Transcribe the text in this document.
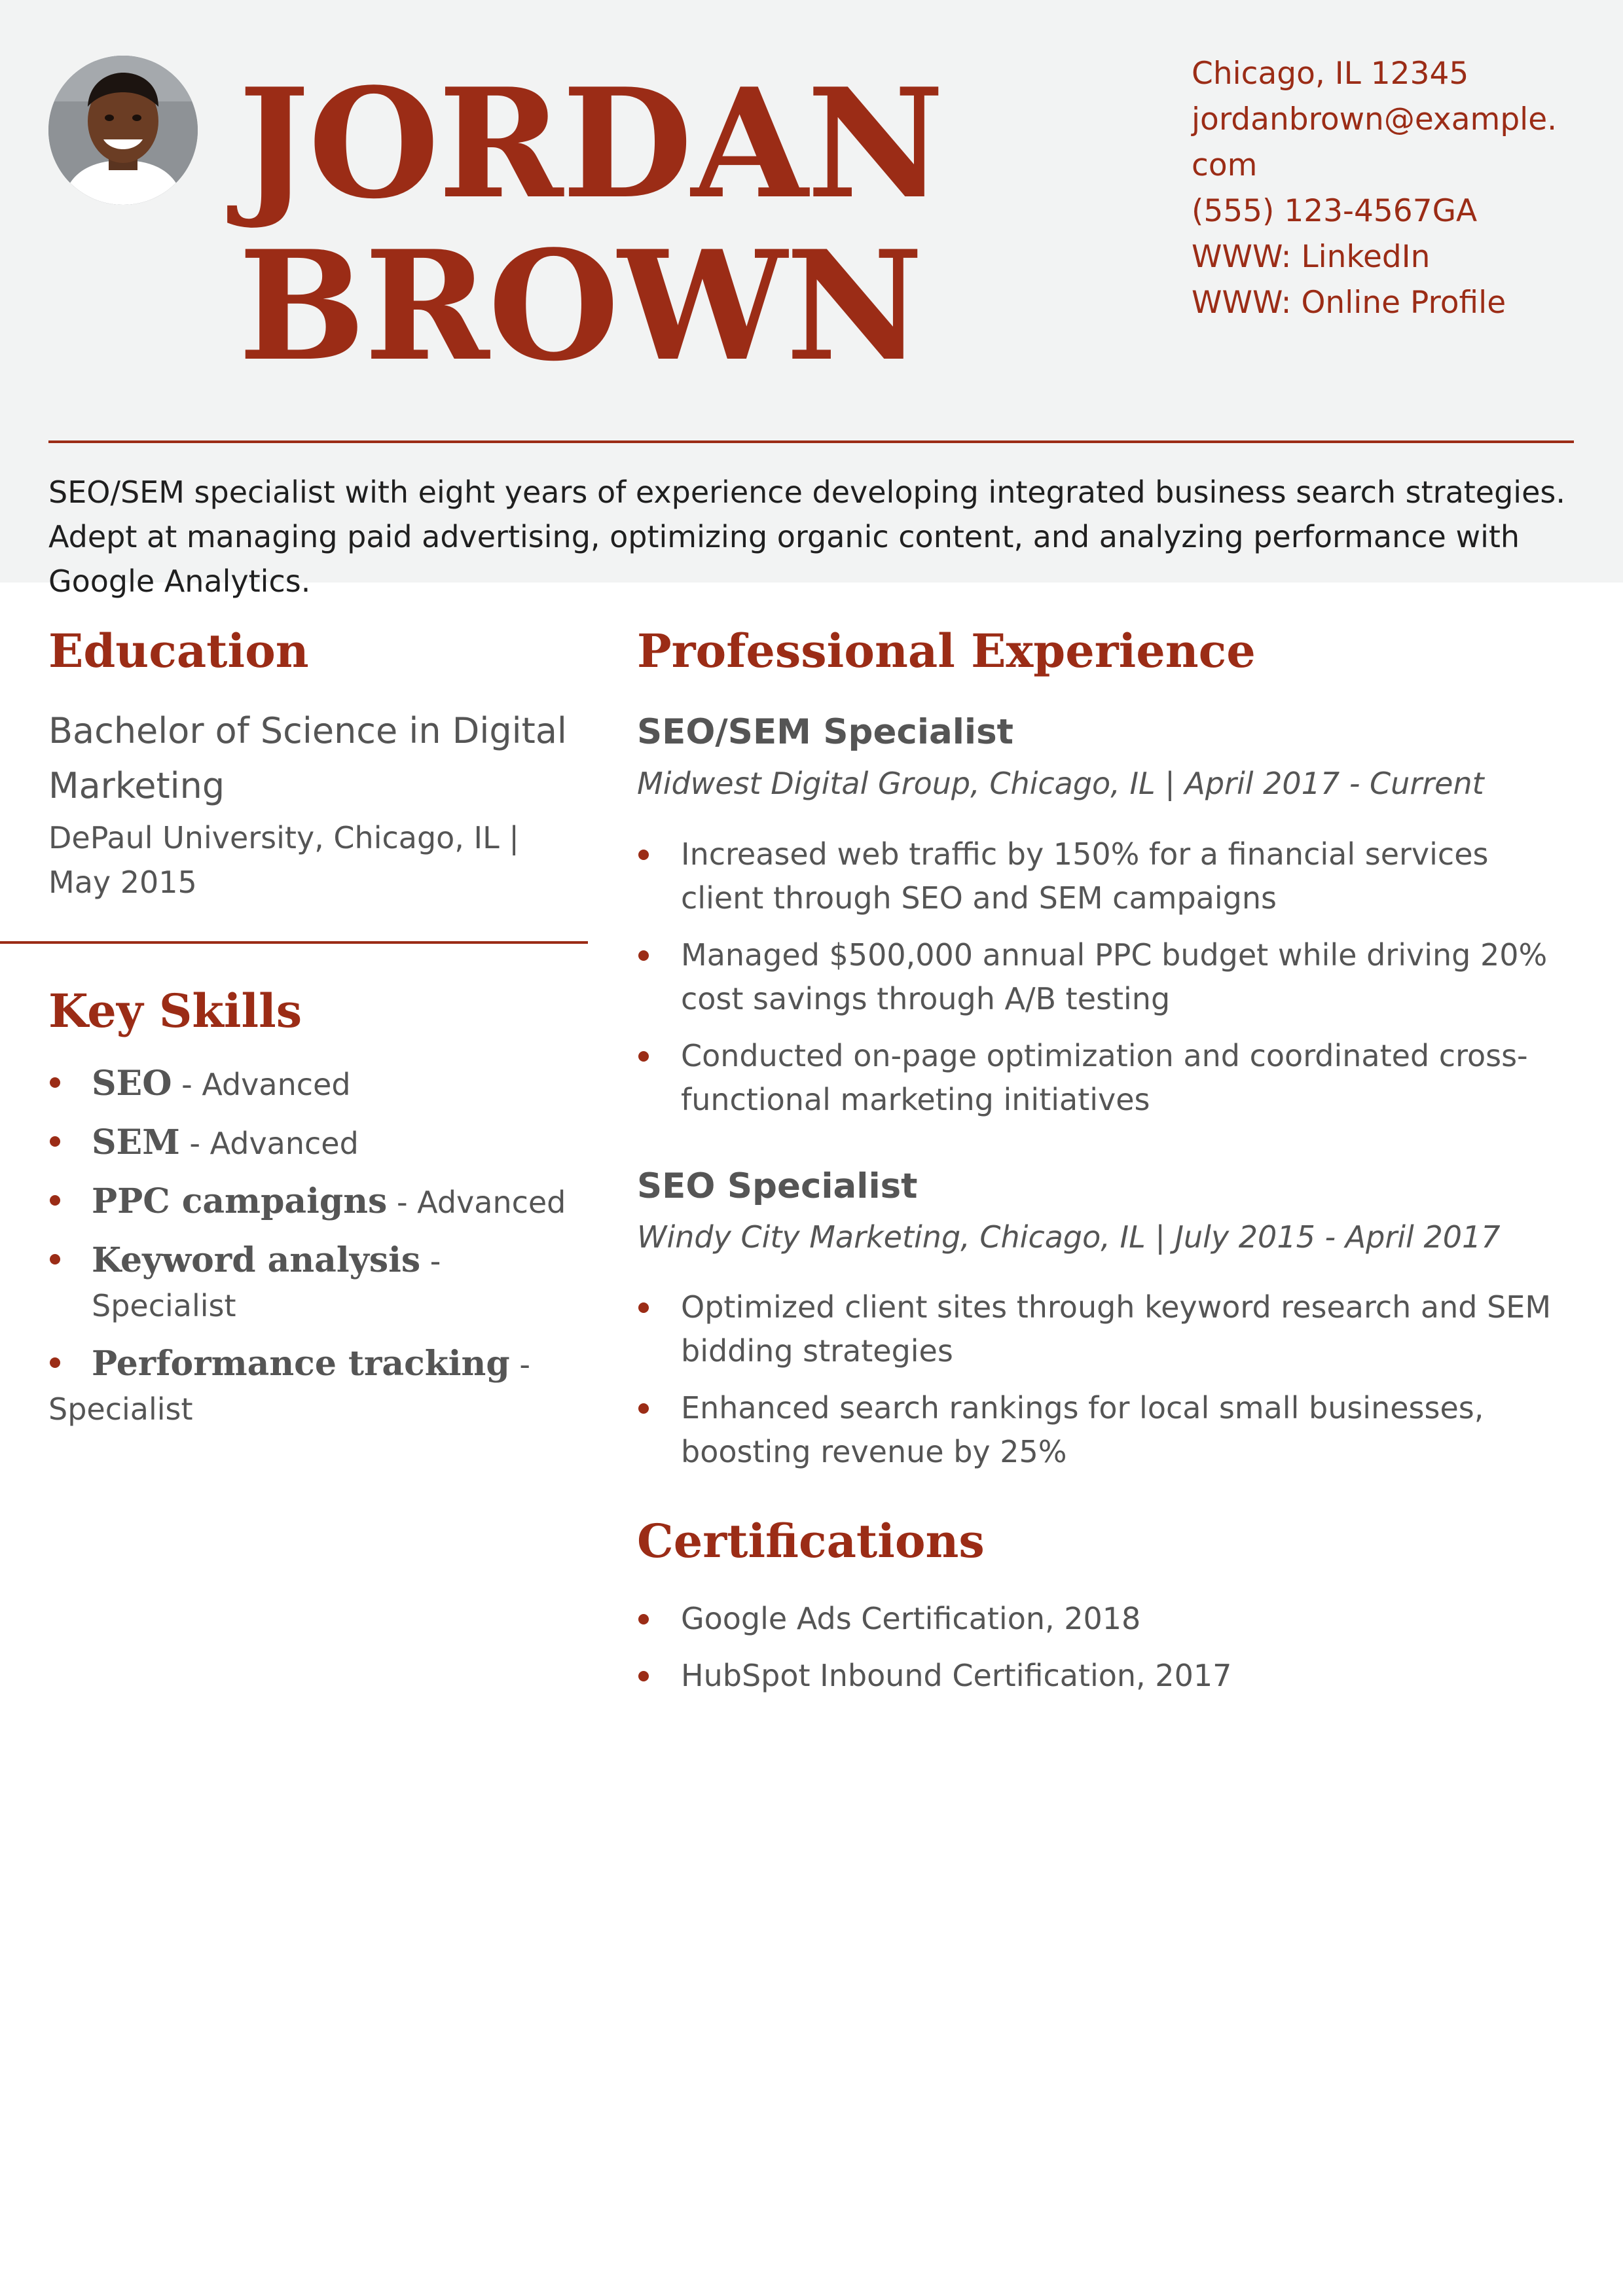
JORDAN
BROWN
Chicago, IL 12345
jordanbrown@example.com
(555) 123-4567GA
WWW: LinkedIn
WWW: Online Profile
SEO/SEM specialist with eight years of experience developing integrated business search strategies. Adept at managing paid advertising, optimizing organic content, and analyzing performance with Google Analytics.
Education
Bachelor of Science in Digital Marketing
DePaul University, Chicago, IL | May 2015
Key Skills
SEO - Advanced
SEM - Advanced
PPC campaigns - Advanced
Keyword analysis - Specialist
Performance tracking - Specialist
Professional Experience
SEO/SEM Specialist
Midwest Digital Group, Chicago, IL | April 2017 - Current
Increased web traffic by 150% for a financial services client through SEO and SEM campaigns
Managed $500,000 annual PPC budget while driving 20% cost savings through A/B testing
Conducted on-page optimization and coordinated cross-functional marketing initiatives
SEO Specialist
Windy City Marketing, Chicago, IL | July 2015 - April 2017
Optimized client sites through keyword research and SEM bidding strategies
Enhanced search rankings for local small businesses, boosting revenue by 25%
Certifications
Google Ads Certification, 2018
HubSpot Inbound Certification, 2017
